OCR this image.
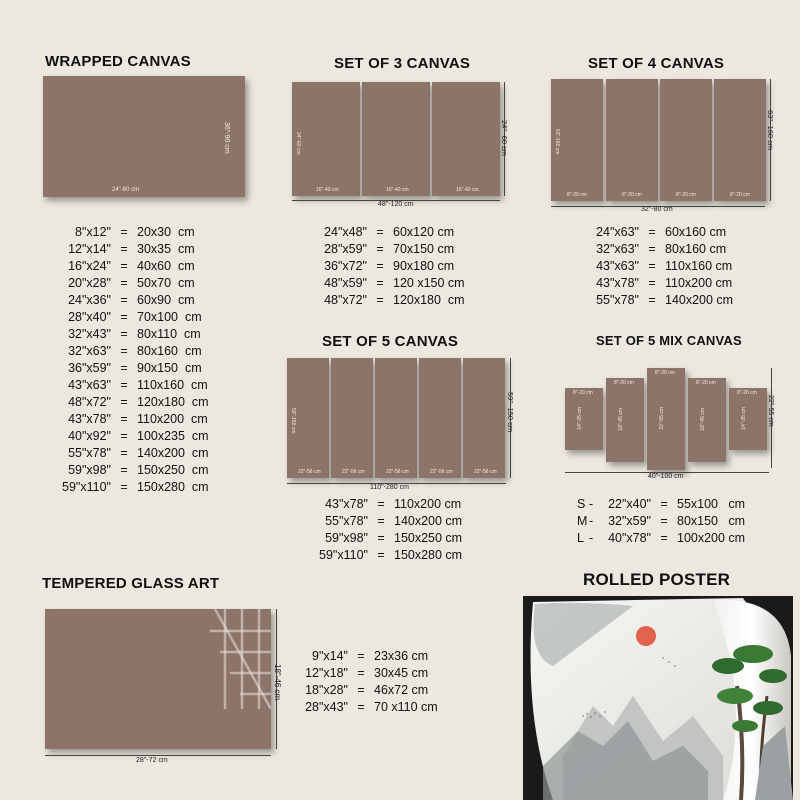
WRAPPED CANVAS
24"-60 cm
36"-90 cm
8"x12" = 20x30  cm
12"x14" = 30x35  cm
16"x24" = 40x60  cm
20"x28" = 50x70  cm
24"x36" = 60x90  cm
28"x40" = 70x100  cm
32"x43" = 80x110  cm
32"x63" = 80x160  cm
36"x59" = 90x150  cm
43"x63" = 110x160  cm
48"x72" = 120x180  cm
43"x78" = 110x200  cm
40"x92" = 100x235  cm
55"x78" = 140x200  cm
59"x98" = 150x250  cm
59"x110" = 150x280  cm
SET OF 3 CANVAS
16"-40 cm
24"-60 cm
16"-40 cm	16"-40 cm
48"-120 cm
24"- 60 cm
24"x48" = 60x120 cm
28"x59" = 70x150 cm
36"x72" = 90x180 cm
48"x59" = 120 x150 cm
48"x72" = 120x180  cm
SET OF 4 CANVAS
8"-20 cm
63"-160 cm
8"-20 cm	8"-20 cm	8"-20 cm
32"-80 cm
63"- 160 cm
24"x63" = 60x160 cm
32"x63" = 80x160 cm
43"x63" = 110x160 cm
43"x78" = 110x200 cm
55"x78" = 140x200 cm
SET OF 5 CANVAS
22"-56 cm
59"-150 cm
22"-56 cm	22"-56 cm	22"-56 cm	22"-56 cm
110"-280 cm
59"- 150 cm
43"x78" = 110x200 cm
55"x78" = 140x200 cm
59"x98" = 150x250 cm
59"x110" = 150x280 cm
SET OF 5 MIX CANVAS
8"-20 cm
14"-35 cm
8"-20 cm
18"-45 cm
8"-20 cm
22"-55 cm
8"-20 cm
18"-45 cm
8"-20 cm
14"-35 cm
40"-100 cm
22"-55 cm
S -	22"x40" = 55x100   cm
M -	32"x59" = 80x150   cm
L -	40"x78" = 100x200 cm
TEMPERED GLASS ART
28"-72 cm
18"-46 cm
9"x14" = 23x36 cm
12"x18" = 30x45 cm
18"x28" = 46x72 cm
28"x43" = 70 x110 cm
ROLLED POSTER
